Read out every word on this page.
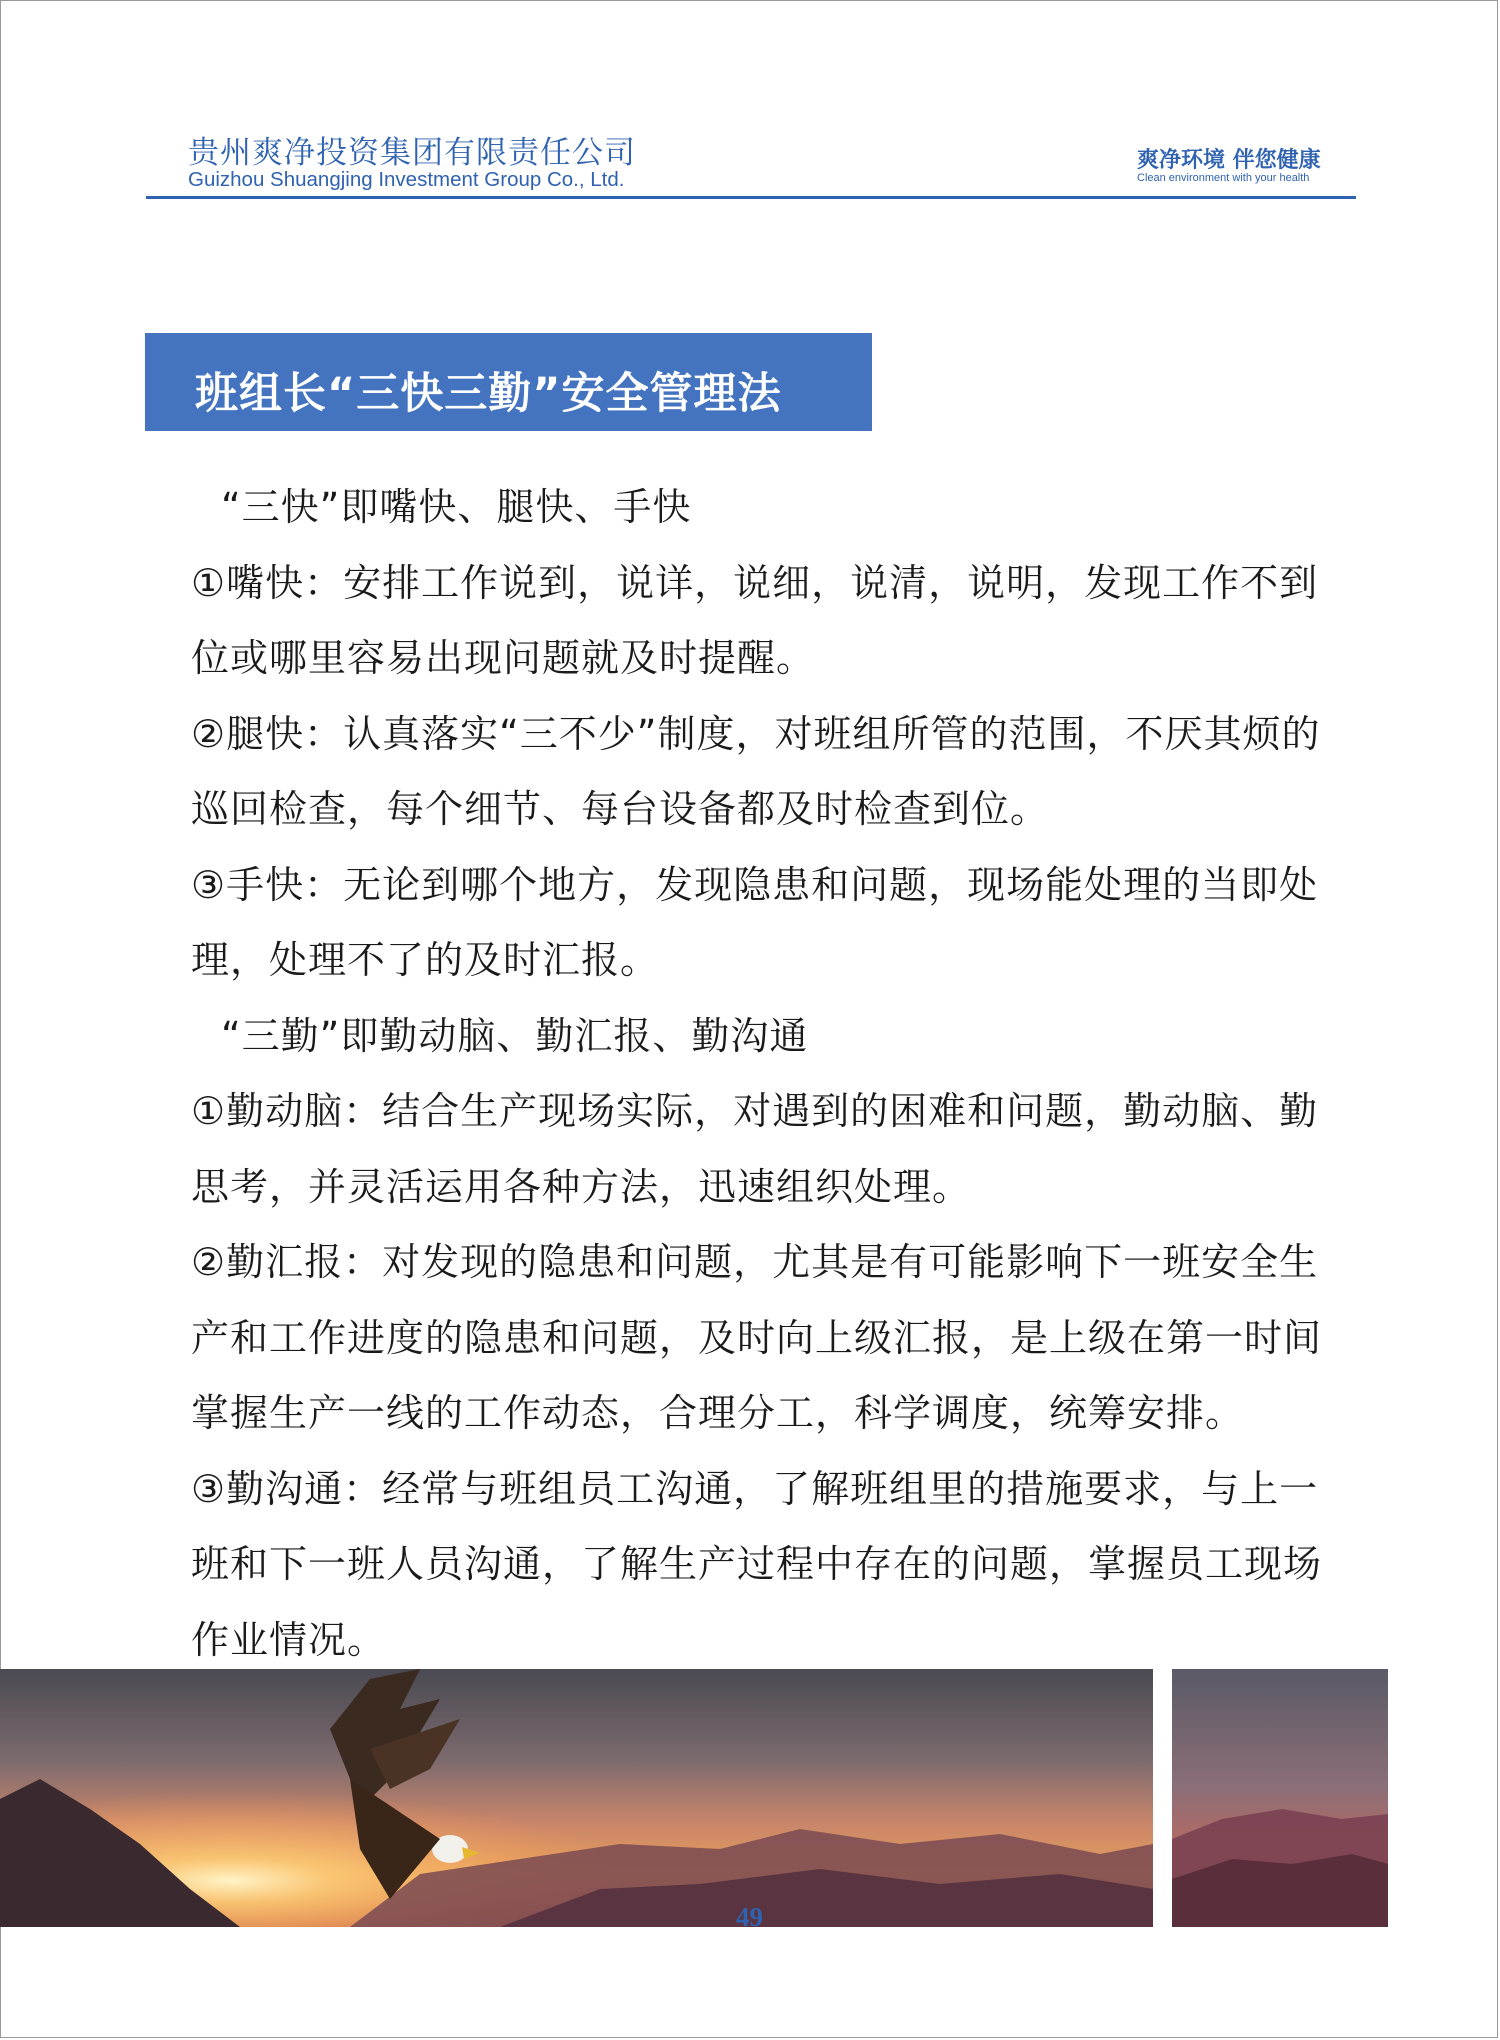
贵州爽净投资集团有限责任公司
Guizhou Shuangjing Investment Group Co., Ltd.
爽净环境 伴您健康
Clean environment with your health
班组长“三快三勤”安全管理法

“三快”即嘴快、腿快、手快

①嘴快：安排工作说到，说详，说细，说清，说明，发现工作不到位或哪里容易出现问题就及时提醒。

②腿快：认真落实“三不少”制度，对班组所管的范围，不厌其烦的巡回检查，每个细节、每台设备都及时检查到位。

③手快：无论到哪个地方，发现隐患和问题，现场能处理的当即处理，处理不了的及时汇报。

“三勤”即勤动脑、勤汇报、勤沟通

①勤动脑：结合生产现场实际，对遇到的困难和问题，勤动脑、勤思考，并灵活运用各种方法，迅速组织处理。

②勤汇报：对发现的隐患和问题，尤其是有可能影响下一班安全生产和工作进度的隐患和问题，及时向上级汇报，是上级在第一时间掌握生产一线的工作动态，合理分工，科学调度，统筹安排。

③勤沟通：经常与班组员工沟通，了解班组里的措施要求，与上一班和下一班人员沟通，了解生产过程中存在的问题，掌握员工现场作业情况。

49
